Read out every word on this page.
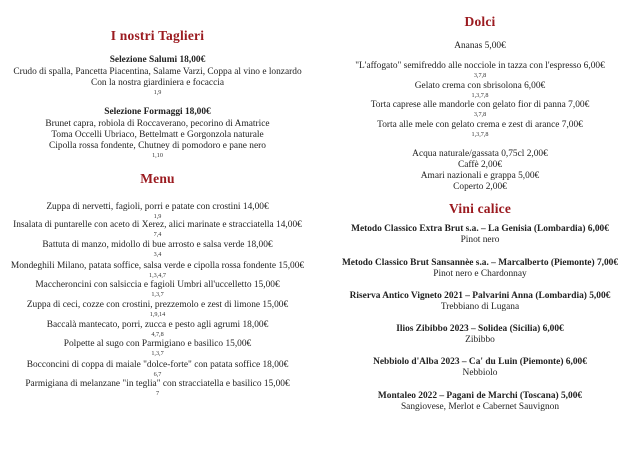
I nostri Taglieri
Selezione Salumi 18,00€
Crudo di spalla, Pancetta Piacentina, Salame Varzi, Coppa al vino e lonzardo
Con la nostra giardiniera e focaccia
1,9
Selezione Formaggi 18,00€
Brunet capra, robiola di Roccaverano, pecorino di Amatrice
Toma Occelli Ubriaco, Bettelmatt e Gorgonzola naturale
Cipolla rossa fondente, Chutney di pomodoro e pane nero
1,10
Menu
Zuppa di nervetti, fagioli, porri e patate con crostini 14,00€
1,9
Insalata di puntarelle con aceto di Xerez, alici marinate e stracciatella 14,00€
7,4
Battuta di manzo, midollo di bue arrosto e salsa verde 18,00€
3,4
Mondeghili Milano, patata soffice, salsa verde e cipolla rossa fondente 15,00€
1,3,4,7
Maccheroncini con salsiccia e fagioli Umbri all'uccelletto 15,00€
1,3,7
Zuppa di ceci, cozze con crostini, prezzemolo e zest di limone 15,00€
1,9,14
Baccalà mantecato, porri, zucca e pesto agli agrumi 18,00€
4,7,8
Polpette al sugo con Parmigiano e basilico 15,00€
1,3,7
Bocconcini di coppa di maiale "dolce-forte" con patata soffice 18,00€
6,7
Parmigiana di melanzane "in teglia" con stracciatella e basilico 15,00€
7
Dolci
Ananas 5,00€
"L'affogato" semifreddo alle nocciole in tazza con l'espresso 6,00€
3,7,8
Gelato crema con sbrisolona 6,00€
1,3,7,8
Torta caprese alle mandorle con gelato fior di panna 7,00€
3,7,8
Torta alle mele con gelato crema e zest di arance 7,00€
1,3,7,8
Acqua naturale/gassata 0,75cl 2,00€
Caffè 2,00€
Amari nazionali e grappa 5,00€
Coperto 2,00€
Vini calice
Metodo Classico Extra Brut s.a. – La Genisia (Lombardia) 6,00€
Pinot nero
Metodo Classico Brut Sansannèe s.a. – Marcalberto (Piemonte) 7,00€
Pinot nero e Chardonnay
Riserva Antico Vigneto 2021 – Palvarini Anna (Lombardia) 5,00€
Trebbiano di Lugana
Ilios Zibibbo 2023 – Solidea (Sicilia) 6,00€
Zibibbo
Nebbiolo d'Alba 2023 – Ca' du Luin (Piemonte) 6,00€
Nebbiolo
Montaleo 2022 – Pagani de Marchi (Toscana) 5,00€
Sangiovese, Merlot e Cabernet Sauvignon
